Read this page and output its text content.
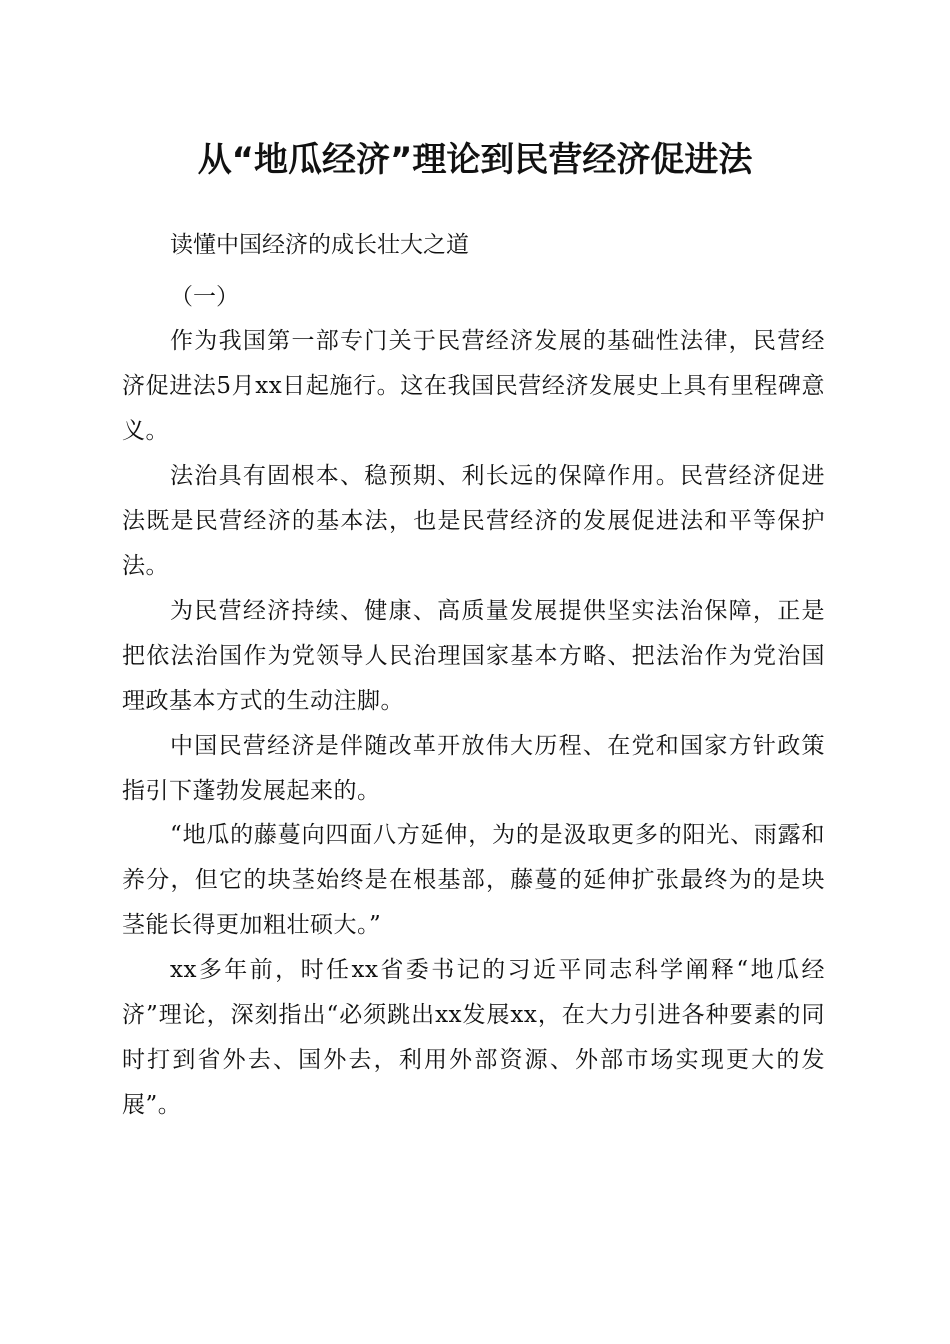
从“地瓜经济”理论到民营经济促进法

读懂中国经济的成长壮大之道

（一）

作为我国第一部专门关于民营经济发展的基础性法律，民营经济促进法5月xx日起施行。这在我国民营经济发展史上具有里程碑意义。

法治具有固根本、稳预期、利长远的保障作用。民营经济促进法既是民营经济的基本法，也是民营经济的发展促进法和平等保护法。

为民营经济持续、健康、高质量发展提供坚实法治保障，正是把依法治国作为党领导人民治理国家基本方略、把法治作为党治国理政基本方式的生动注脚。

中国民营经济是伴随改革开放伟大历程、在党和国家方针政策指引下蓬勃发展起来的。

“地瓜的藤蔓向四面八方延伸，为的是汲取更多的阳光、雨露和养分，但它的块茎始终是在根基部，藤蔓的延伸扩张最终为的是块茎能长得更加粗壮硕大。”

xx多年前，时任xx省委书记的习近平同志科学阐释“地瓜经济”理论，深刻指出“必须跳出xx发展xx，在大力引进各种要素的同时打到省外去、国外去，利用外部资源、外部市场实现更大的发展”。
